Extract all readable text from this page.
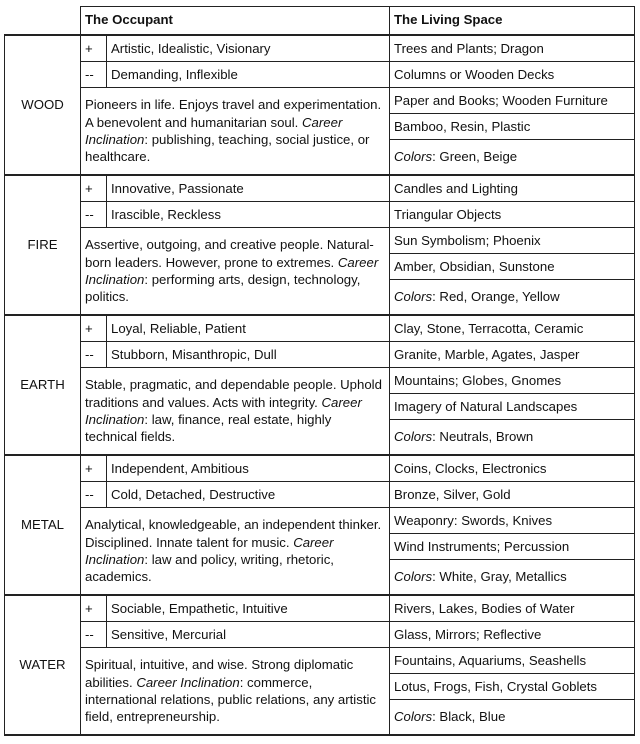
	The Occupant		The Living Space
WOOD	+	Artistic, Idealistic, Visionary	Trees and Plants; Dragon
	--	Demanding, Inflexible	Columns or Wooden Decks
	Pioneers in life. Enjoys travel and experimentation. A benevolent and humanitarian soul. Career Inclination: publishing, teaching, social justice, or healthcare.		Paper and Books; Wooden Furniture
			Bamboo, Resin, Plastic
			Colors: Green, Beige
FIRE	+	Innovative, Passionate	Candles and Lighting
	--	Irascible, Reckless	Triangular Objects
	Assertive, outgoing, and creative people. Natural-born leaders. However, prone to extremes. Career Inclination: performing arts, design, technology, politics.		Sun Symbolism; Phoenix
			Amber, Obsidian, Sunstone
			Colors: Red, Orange, Yellow
EARTH	+	Loyal, Reliable, Patient	Clay, Stone, Terracotta, Ceramic
	--	Stubborn, Misanthropic, Dull	Granite, Marble, Agates, Jasper
	Stable, pragmatic, and dependable people. Uphold traditions and values. Acts with integrity. Career Inclination: law, finance, real estate, highly technical fields.		Mountains; Globes, Gnomes
			Imagery of Natural Landscapes
			Colors: Neutrals, Brown
METAL	+	Independent, Ambitious	Coins, Clocks, Electronics
	--	Cold, Detached, Destructive	Bronze, Silver, Gold
	Analytical, knowledgeable, an independent thinker. Disciplined. Innate talent for music. Career Inclination: law and policy, writing, rhetoric, academics.		Weaponry: Swords, Knives
			Wind Instruments; Percussion
			Colors: White, Gray, Metallics
WATER	+	Sociable, Empathetic, Intuitive	Rivers, Lakes, Bodies of Water
	--	Sensitive, Mercurial	Glass, Mirrors; Reflective
	Spiritual, intuitive, and wise. Strong diplomatic abilities. Career Inclination: commerce, international relations, public relations, any artistic field, entrepreneurship.		Fountains, Aquariums, Seashells
			Lotus, Frogs, Fish, Crystal Goblets
			Colors: Black, Blue
